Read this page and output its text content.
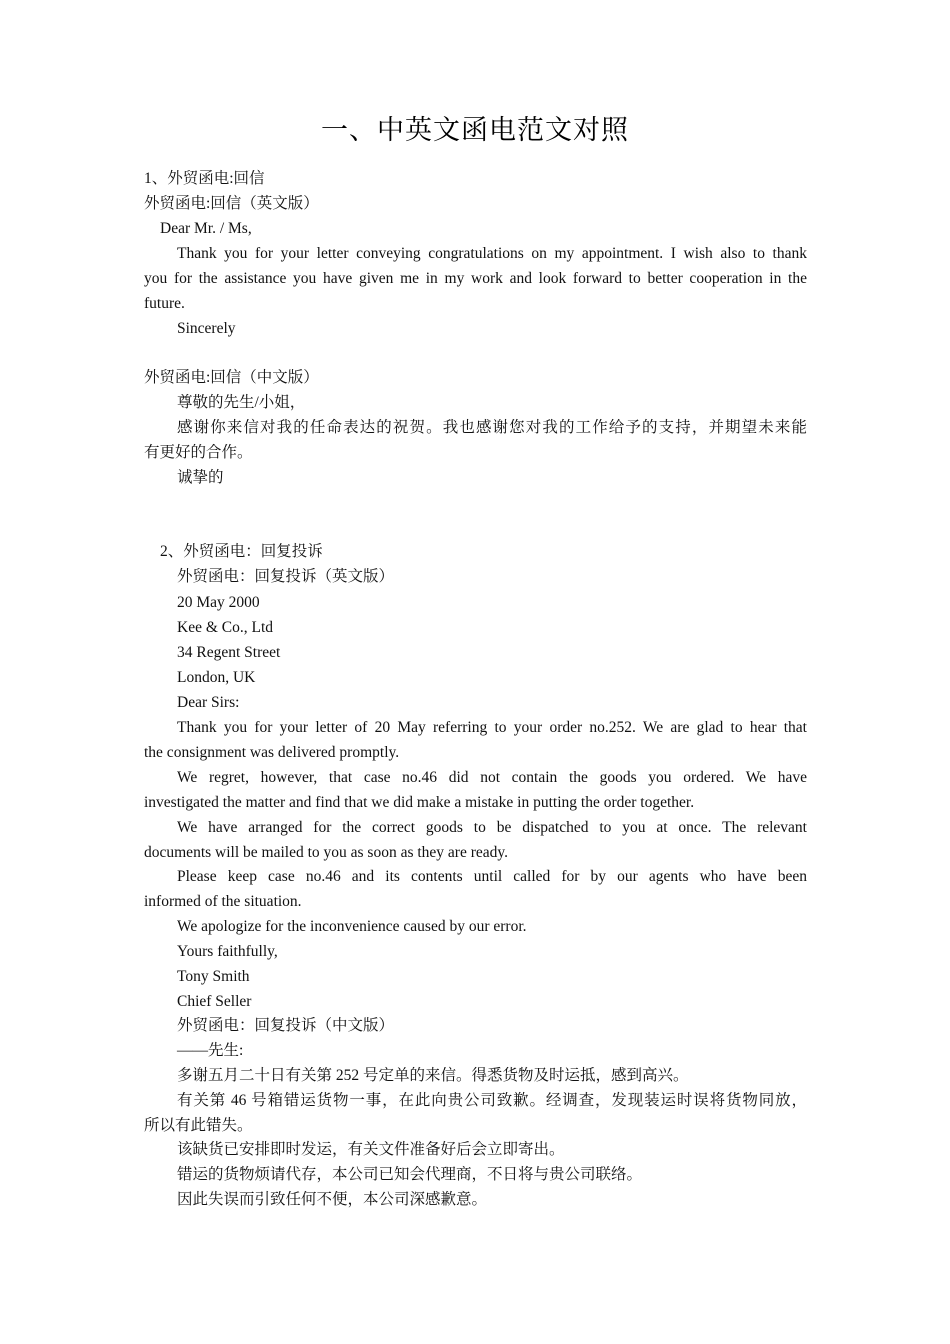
一、中英文函电范文对照
1、外贸函电:回信
外贸函电:回信（英文版）
Dear Mr. / Ms,
Thank you for your letter conveying congratulations on my appointment. I wish also to thank
you for the assistance you have given me in my work and look forward to better cooperation in the
future.
Sincerely
外贸函电:回信（中文版）
尊敬的先生/小姐，
感谢你来信对我的任命表达的祝贺。我也感谢您对我的工作给予的支持，并期望未来能
有更好的合作。
诚挚的
2、外贸函电：回复投诉
外贸函电：回复投诉（英文版）
20 May 2000
Kee & Co., Ltd
34 Regent Street
London, UK
Dear Sirs:
Thank you for your letter of 20 May referring to your order no.252. We are glad to hear that
the consignment was delivered promptly.
We regret, however, that case no.46 did not contain the goods you ordered. We have
investigated the matter and find that we did make a mistake in putting the order together.
We have arranged for the correct goods to be dispatched to you at once. The relevant
documents will be mailed to you as soon as they are ready.
Please keep case no.46 and its contents until called for by our agents who have been
informed of the situation.
We apologize for the inconvenience caused by our error.
Yours faithfully,
Tony Smith
Chief Seller
外贸函电：回复投诉（中文版）
——先生:
多谢五月二十日有关第 252 号定单的来信。得悉货物及时运抵，感到高兴。
有关第 46 号箱错运货物一事，在此向贵公司致歉。经调查，发现装运时误将货物同放，
所以有此错失。
该缺货已安排即时发运，有关文件准备好后会立即寄出。
错运的货物烦请代存，本公司已知会代理商，不日将与贵公司联络。
因此失误而引致任何不便，本公司深感歉意。
